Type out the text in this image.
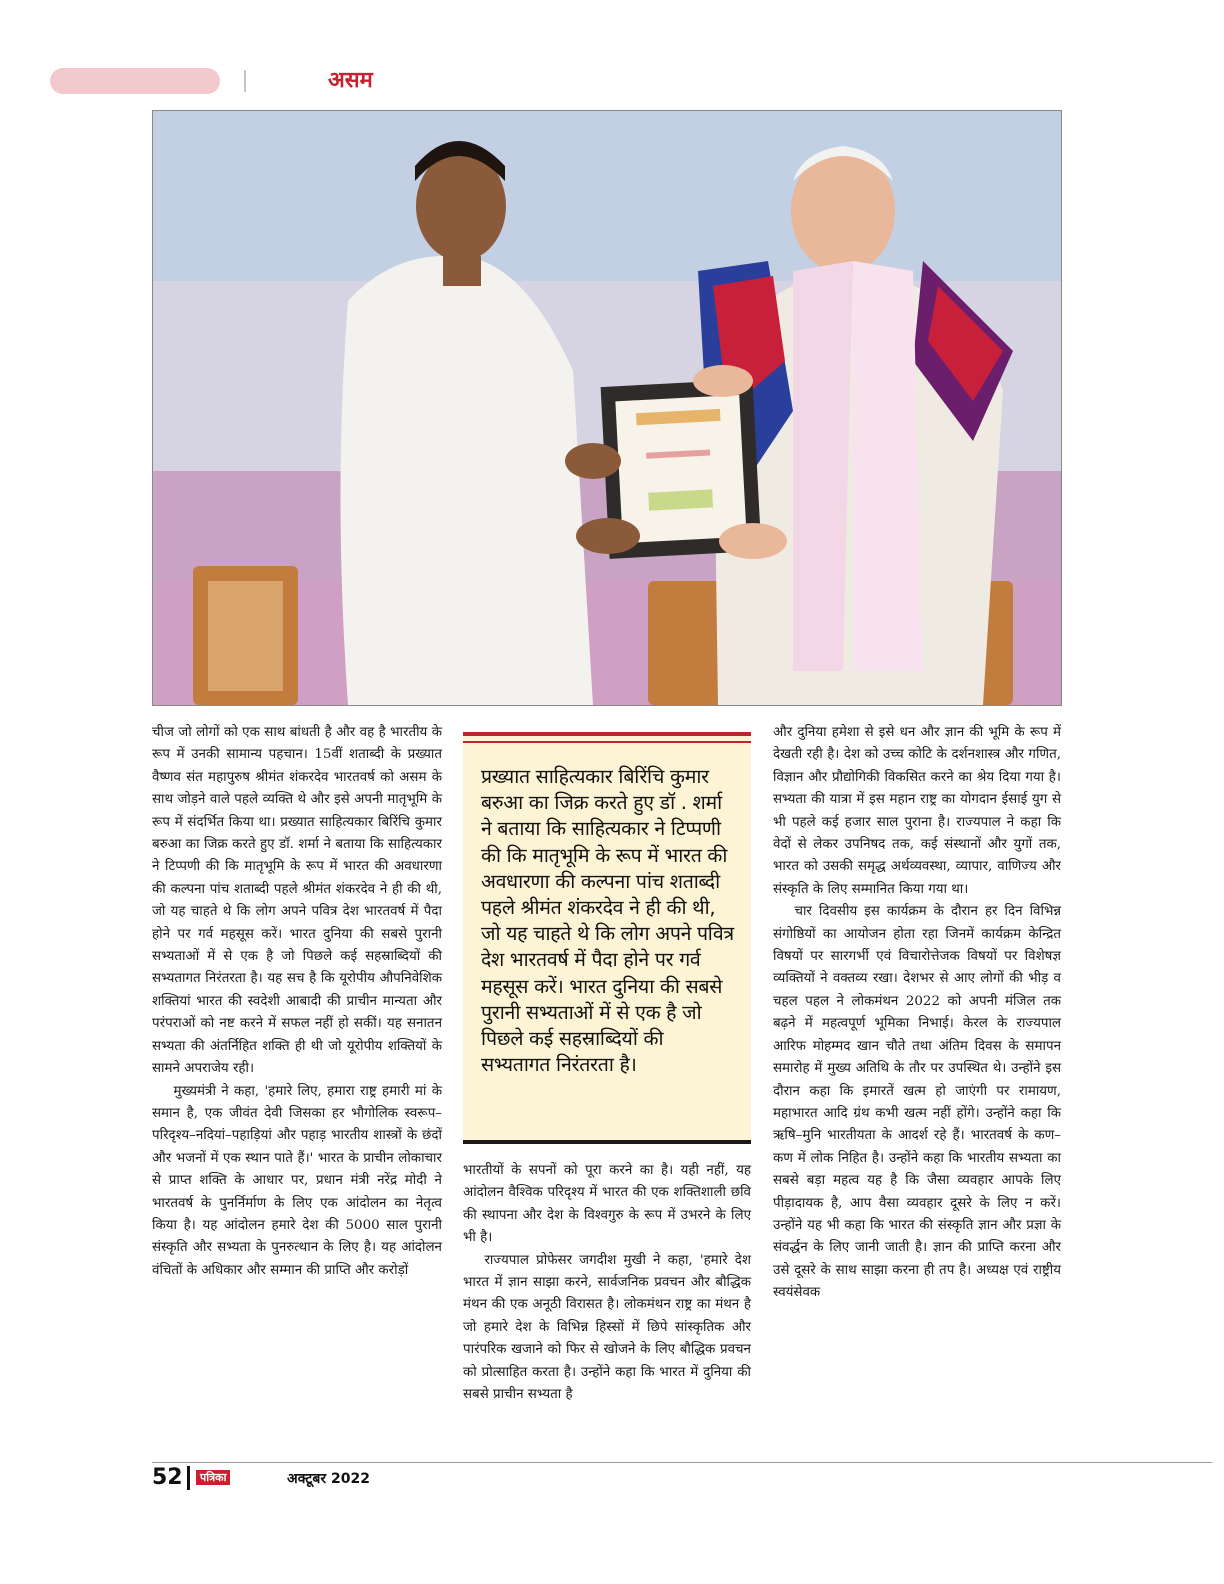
असम

चीज जो लोगों को एक साथ बांधती है और वह है भारतीय के रूप में उनकी सामान्य पहचान। 15वीं शताब्दी के प्रख्यात वैष्णव संत महापुरुष श्रीमंत शंकरदेव भारतवर्ष को असम के साथ जोड़ने वाले पहले व्यक्ति थे और इसे अपनी मातृभूमि के रूप में संदर्भित किया था। प्रख्यात साहित्यकार बिरिंचि कुमार बरुआ का जिक्र करते हुए डॉ. शर्मा ने बताया कि साहित्यकार ने टिप्पणी की कि मातृभूमि के रूप में भारत की अवधारणा की कल्पना पांच शताब्दी पहले श्रीमंत शंकरदेव ने ही की थी, जो यह चाहते थे कि लोग अपने पवित्र देश भारतवर्ष में पैदा होने पर गर्व महसूस करें। भारत दुनिया की सबसे पुरानी सभ्यताओं में से एक है जो पिछले कई सहस्राब्दियों की सभ्यतागत निरंतरता है। यह सच है कि यूरोपीय औपनिवेशिक शक्तियां भारत की स्वदेशी आबादी की प्राचीन मान्यता और परंपराओं को नष्ट करने में सफल नहीं हो सकीं। यह सनातन सभ्यता की अंतर्निहित शक्ति ही थी जो यूरोपीय शक्तियों के सामने अपराजेय रही।

मुख्यमंत्री ने कहा, 'हमारे लिए, हमारा राष्ट्र हमारी मां के समान है, एक जीवंत देवी जिसका हर भौगोलिक स्वरूप–परिदृश्य–नदियां–पहाड़ियां और पहाड़ भारतीय शास्त्रों के छंदों और भजनों में एक स्थान पाते हैं।' भारत के प्राचीन लोकाचार से प्राप्त शक्ति के आधार पर, प्रधान मंत्री नरेंद्र मोदी ने भारतवर्ष के पुनर्निर्माण के लिए एक आंदोलन का नेतृत्व किया है। यह आंदोलन हमारे देश की 5000 साल पुरानी संस्कृति और सभ्यता के पुनरुत्थान के लिए है। यह आंदोलन वंचितों के अधिकार और सम्मान की प्राप्ति और करोड़ों

प्रख्यात साहित्यकार बिरिंचि कुमार बरुआ का जिक्र करते हुए डॉ . शर्मा ने बताया कि साहित्यकार ने टिप्पणी की कि मातृभूमि के रूप में भारत की अवधारणा की कल्पना पांच शताब्दी पहले श्रीमंत शंकरदेव ने ही की थी, जो यह चाहते थे कि लोग अपने पवित्र देश भारतवर्ष में पैदा होने पर गर्व महसूस करें। भारत दुनिया की सबसे पुरानी सभ्यताओं में से एक है जो पिछले कई सहस्राब्दियों की सभ्यतागत निरंतरता है।

भारतीयों के सपनों को पूरा करने का है। यही नहीं, यह आंदोलन वैश्विक परिदृश्य में भारत की एक शक्तिशाली छवि की स्थापना और देश के विश्वगुरु के रूप में उभरने के लिए भी है।

राज्यपाल प्रोफेसर जगदीश मुखी ने कहा, 'हमारे देश भारत में ज्ञान साझा करने, सार्वजनिक प्रवचन और बौद्धिक मंथन की एक अनूठी विरासत है। लोकमंथन राष्ट्र का मंथन है जो हमारे देश के विभिन्न हिस्सों में छिपे सांस्कृतिक और पारंपरिक खजाने को फिर से खोजने के लिए बौद्धिक प्रवचन को प्रोत्साहित करता है। उन्होंने कहा कि भारत में दुनिया की सबसे प्राचीन सभ्यता है

और दुनिया हमेशा से इसे धन और ज्ञान की भूमि के रूप में देखती रही है। देश को उच्च कोटि के दर्शनशास्त्र और गणित, विज्ञान और प्रौद्योगिकी विकसित करने का श्रेय दिया गया है। सभ्यता की यात्रा में इस महान राष्ट्र का योगदान ईसाई युग से भी पहले कई हजार साल पुराना है। राज्यपाल ने कहा कि वेदों से लेकर उपनिषद तक, कई संस्थानों और युगों तक, भारत को उसकी समृद्ध अर्थव्यवस्था, व्यापार, वाणिज्य और संस्कृति के लिए सम्मानित किया गया था।

चार दिवसीय इस कार्यक्रम के दौरान हर दिन विभिन्न संगोष्ठियों का आयोजन होता रहा जिनमें कार्यक्रम केन्द्रित विषयों पर सारगर्भी एवं विचारोत्तेजक विषयों पर विशेषज्ञ व्यक्तियों ने वक्तव्य रखा। देशभर से आए लोगों की भीड़ व चहल पहल ने लोकमंथन 2022 को अपनी मंजिल तक बढ़ने में महत्वपूर्ण भूमिका निभाई। केरल के राज्यपाल आरिफ मोहम्मद खान चौते तथा अंतिम दिवस के समापन समारोह में मुख्य अतिथि के तौर पर उपस्थित थे। उन्होंने इस दौरान कहा कि इमारतें खत्म हो जाएंगी पर रामायण, महाभारत आदि ग्रंथ कभी खत्म नहीं होंगे। उन्होंने कहा कि ऋषि–मुनि भारतीयता के आदर्श रहे हैं। भारतवर्ष के कण–कण में लोक निहित है। उन्होंने कहा कि भारतीय सभ्यता का सबसे बड़ा महत्व यह है कि जैसा व्यवहार आपके लिए पीड़ादायक है, आप वैसा व्यवहार दूसरे के लिए न करें। उन्होंने यह भी कहा कि भारत की संस्कृति ज्ञान और प्रज्ञा के संवर्द्धन के लिए जानी जाती है। ज्ञान की प्राप्ति करना और उसे दूसरे के साथ साझा करना ही तप है। अध्यक्ष एवं राष्ट्रीय स्वयंसेवक

52	पत्रिका	अक्टूबर 2022
